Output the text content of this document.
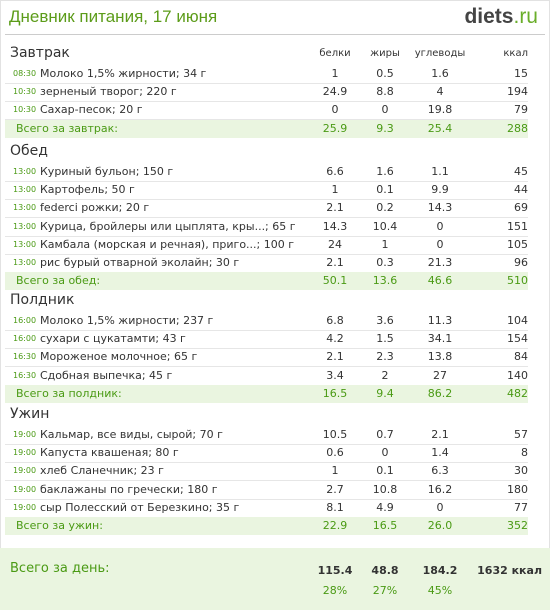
Дневник питания, 17 июня	diets.ru
белки	жиры	углеводы	ккал
Завтрак
08:30 Молоко 1,5% жирности; 34 г	1	0.5	1.6	15
10:30 зерненый творог; 220 г	24.9	8.8	4	194
10:30 Сахар-песок; 20 г	0	0	19.8	79
Всего за завтрак:	25.9	9.3	25.4	288
Обед
13:00 Куриный бульон; 150 г	6.6	1.6	1.1	45
13:00 Картофель; 50 г	1	0.1	9.9	44
13:00 federci рожки; 20 г	2.1	0.2	14.3	69
13:00 Курица, бройлеры или цыплята, кры...; 65 г	14.3	10.4	0	151
13:00 Камбала (морская и речная), приго...; 100 г	24	1	0	105
13:00 рис бурый отварной эколайн; 30 г	2.1	0.3	21.3	96
Всего за обед:	50.1	13.6	46.6	510
Полдник
16:00 Молоко 1,5% жирности; 237 г	6.8	3.6	11.3	104
16:00 сухари с цукатамти; 43 г	4.2	1.5	34.1	154
16:30 Мороженое молочное; 65 г	2.1	2.3	13.8	84
16:30 Сдобная выпечка; 45 г	3.4	2	27	140
Всего за полдник:	16.5	9.4	86.2	482
Ужин
19:00 Кальмар, все виды, сырой; 70 г	10.5	0.7	2.1	57
19:00 Капуста квашеная; 80 г	0.6	0	1.4	8
19:00 хлеб Сланечник; 23 г	1	0.1	6.3	30
19:00 баклажаны по гречески; 180 г	2.7	10.8	16.2	180
19:00 сыр Полесский от Березкино; 35 г	8.1	4.9	0	77
Всего за ужин:	22.9	16.5	26.0	352
Всего за день:	115.4	48.8	184.2	1632 ккал
28%	27%	45%
